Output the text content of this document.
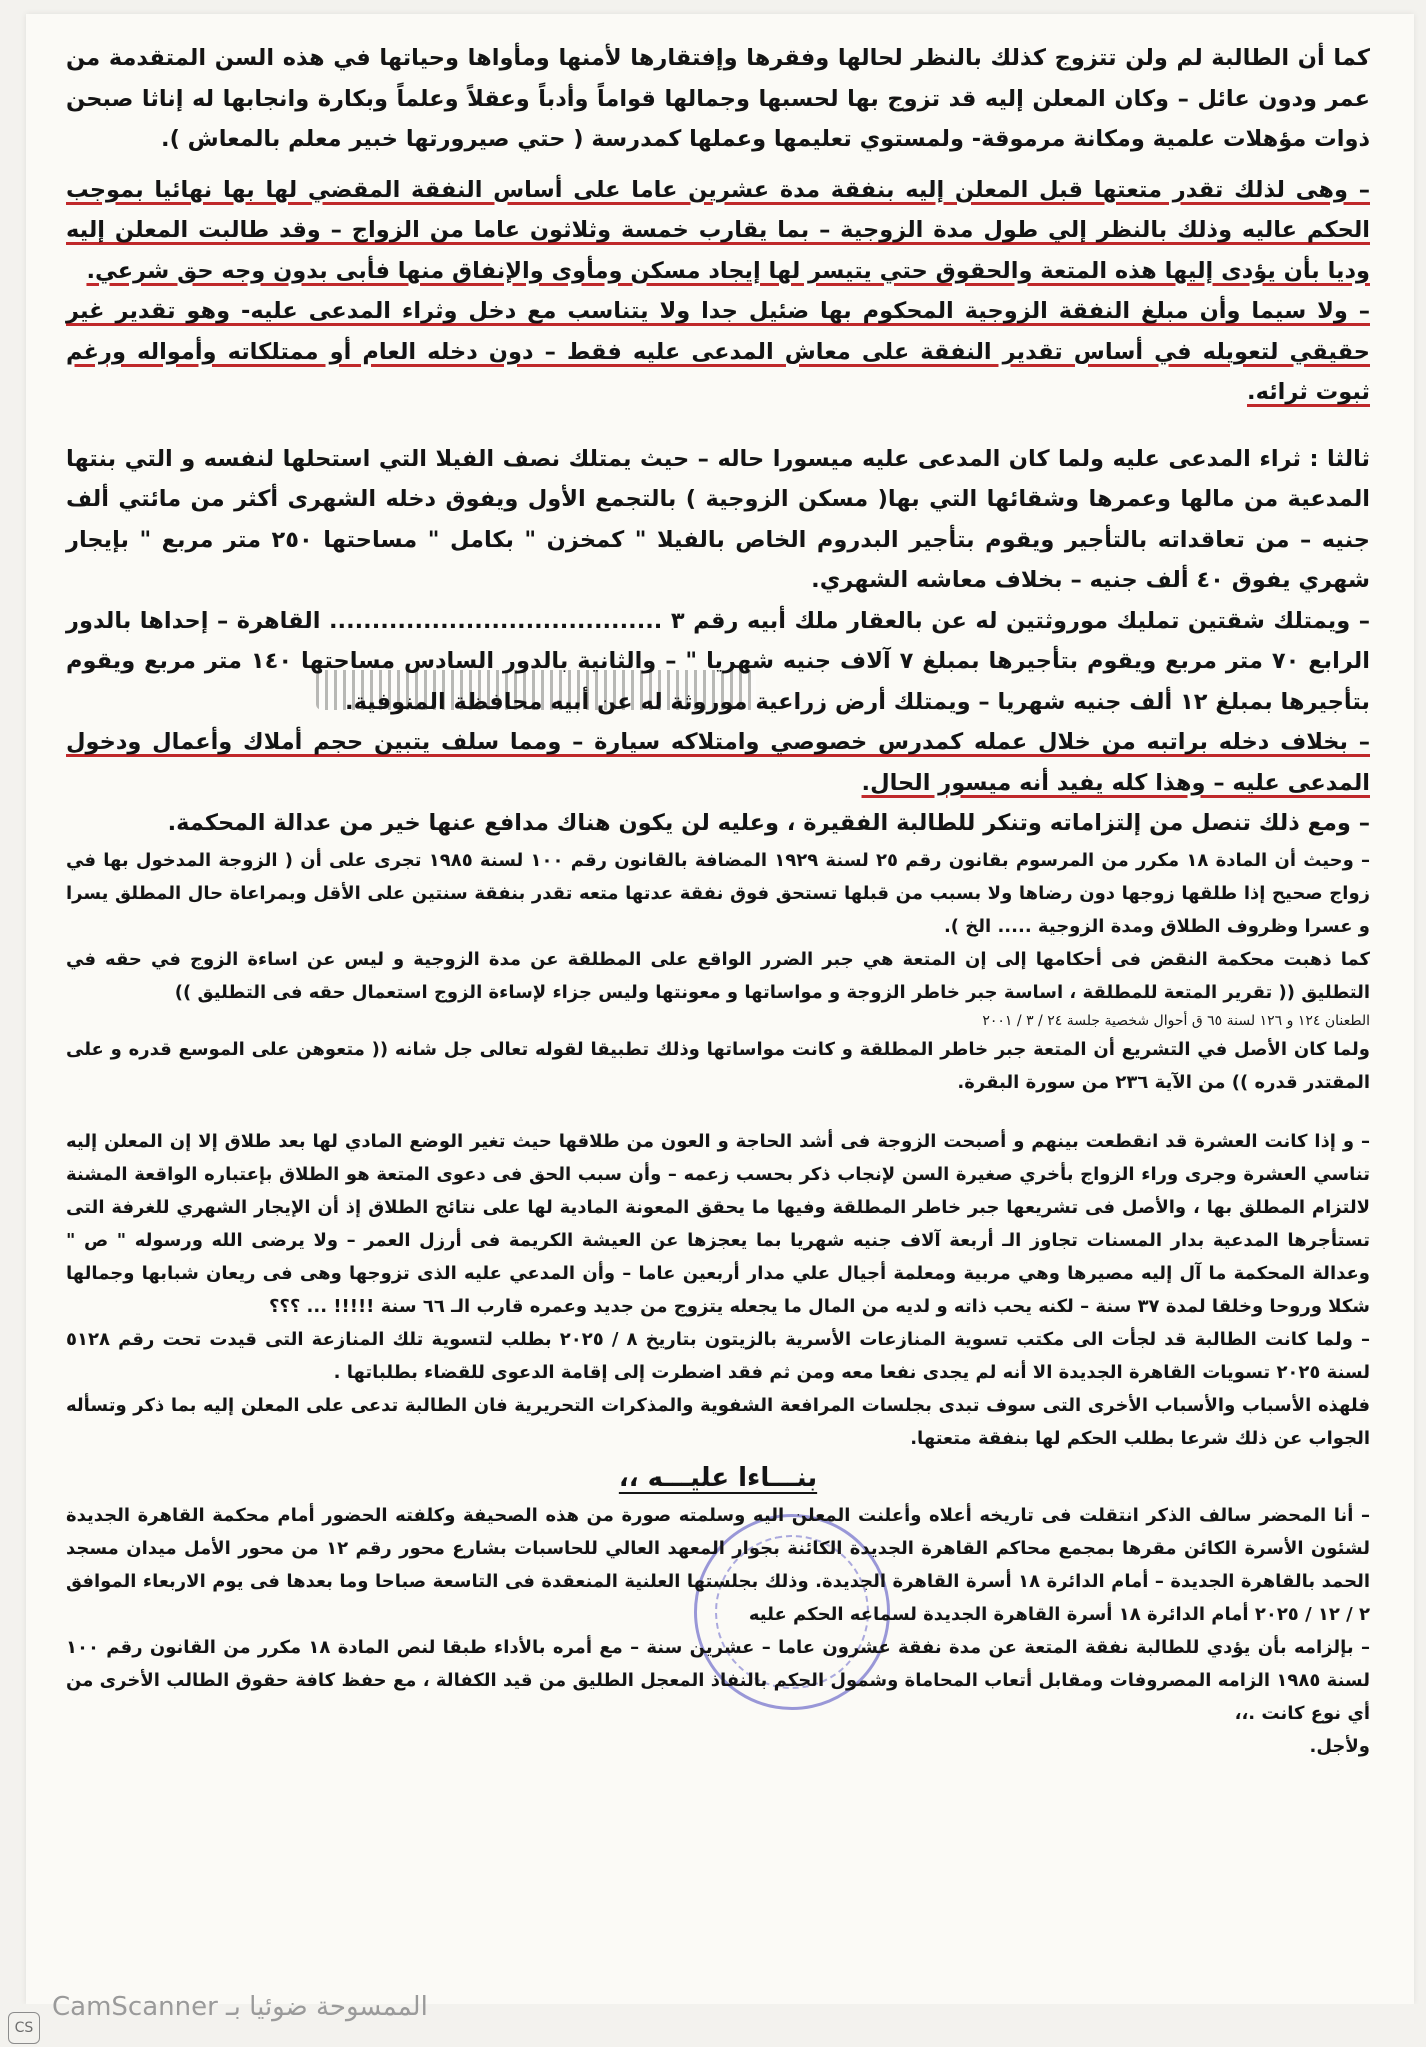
كما أن الطالبة لم ولن تتزوج كذلك بالنظر لحالها وفقرها وإفتقارها لأمنها ومأواها وحياتها في هذه السن المتقدمة من عمر ودون عائل – وكان المعلن إليه قد تزوج بها لحسبها وجمالها قواماً وأدباً وعقلاً وعلماً وبكارة وانجابها له إناثا صبحن ذوات مؤهلات علمية ومكانة مرموقة- ولمستوي تعليمها وعملها كمدرسة ( حتي صيرورتها خبير معلم بالمعاش ).

– وهى لذلك تقدر متعتها قبل المعلن إليه بنفقة مدة عشرين عاما على أساس النفقة المقضي لها بها نهائيا بموجب الحكم عاليه وذلك بالنظر إلي طول مدة الزوجية – بما يقارب خمسة وثلاثون عاما من الزواج – وقد طالبت المعلن إليه وديا بأن يؤدى إليها هذه المتعة والحقوق حتي يتيسر لها إيجاد مسكن ومأوى والإنفاق منها فأبى بدون وجه حق شرعي.

– ولا سيما وأن مبلغ النفقة الزوجية المحكوم بها ضئيل جدا ولا يتناسب مع دخل وثراء المدعى عليه- وهو تقدير غير حقيقي لتعويله في أساس تقدير النفقة على معاش المدعى عليه فقط – دون دخله العام أو ممتلكاته وأمواله ورغم ثبوت ثرائه.

ثالثا : ثراء المدعى عليه ولما كان المدعى عليه ميسورا حاله – حيث يمتلك نصف الفيلا التي استحلها لنفسه و التي بنتها المدعية من مالها وعمرها وشقائها التي بها( مسكن الزوجية ) بالتجمع الأول ويفوق دخله الشهرى أكثر من مائتي ألف جنيه – من تعاقداته بالتأجير ويقوم بتأجير البدروم الخاص بالفيلا " كمخزن " بكامل " مساحتها ٢٥٠ متر مربع " بإيجار شهري يفوق ٤٠ ألف جنيه – بخلاف معاشه الشهري.

– ويمتلك شقتين تمليك موروثتين له عن بالعقار ملك أبيه رقم ٣ ....................................... القاهرة – إحداها بالدور الرابع ٧٠ متر مربع ويقوم بتأجيرها بمبلغ ٧ آلاف جنيه شهريا " – والثانية بالدور السادس مساحتها ١٤٠ متر مربع ويقوم بتأجيرها بمبلغ ١٢ ألف جنيه شهريا – ويمتلك أرض زراعية موروثة له عن أبيه محافظة المنوفية.

– بخلاف دخله براتبه من خلال عمله كمدرس خصوصي وامتلاكه سيارة – ومما سلف يتبين حجم أملاك وأعمال ودخول المدعى عليه – وهذا كله يفيد أنه ميسور الحال.

– ومع ذلك تنصل من إلتزاماته وتنكر للطالبة الفقيرة ، وعليه لن يكون هناك مدافع عنها خير من عدالة المحكمة.

– وحيث أن المادة ١٨ مكرر من المرسوم بقانون رقم ٢٥ لسنة ١٩٢٩ المضافة بالقانون رقم ١٠٠ لسنة ١٩٨٥ تجرى على أن ( الزوجة المدخول بها في زواج صحيح إذا طلقها زوجها دون رضاها ولا بسبب من قبلها تستحق فوق نفقة عدتها متعه تقدر بنفقة سنتين على الأقل وبمراعاة حال المطلق يسرا و عسرا وظروف الطلاق ومدة الزوجية ..... الخ ).

كما ذهبت محكمة النقض فى أحكامها إلى إن المتعة هي جبر الضرر الواقع على المطلقة عن مدة الزوجية و ليس عن اساءة الزوج في حقه في التطليق (( تقرير المتعة للمطلقة ، اساسة جبر خاطر الزوجة و مواساتها و معونتها وليس جزاء لإساءة الزوج استعمال حقه فى التطليق ))

الطعنان ١٢٤ و ١٢٦ لسنة ٦٥ ق أحوال شخصية جلسة ٢٤ / ٣ / ٢٠٠١

ولما كان الأصل في التشريع أن المتعة جبر خاطر المطلقة و كانت مواساتها وذلك تطبيقا لقوله تعالى جل شانه (( متعوهن على الموسع قدره و على المقتدر قدره )) من الآية ٢٣٦ من سورة البقرة.

– و إذا كانت العشرة قد انقطعت بينهم و أصبحت الزوجة فى أشد الحاجة و العون من طلاقها حيث تغير الوضع المادي لها بعد طلاق إلا إن المعلن إليه تناسي العشرة وجرى وراء الزواج بأخري صغيرة السن لإنجاب ذكر بحسب زعمه – وأن سبب الحق فى دعوى المتعة هو الطلاق بإعتباره الواقعة المشنة لالتزام المطلق بها ، والأصل فى تشريعها جبر خاطر المطلقة وفيها ما يحقق المعونة المادية لها على نتائج الطلاق إذ أن الإيجار الشهري للغرفة التى تستأجرها المدعية بدار المسنات تجاوز الـ أربعة آلاف جنيه شهريا بما يعجزها عن العيشة الكريمة فى أرزل العمر – ولا يرضى الله ورسوله " ص " وعدالة المحكمة ما آل إليه مصيرها وهي مربية ومعلمة أجيال علي مدار أربعين عاما – وأن المدعي عليه الذى تزوجها وهى فى ريعان شبابها وجمالها شكلا وروحا وخلقا لمدة ٣٧ سنة – لكنه يحب ذاته و لديه من المال ما يجعله يتزوج من جديد وعمره قارب الـ ٦٦ سنة !!!!! ... ؟؟؟

– ولما كانت الطالبة قد لجأت الى مكتب تسوية المنازعات الأسرية بالزيتون بتاريخ ٨ / ٢٠٢٥ بطلب لتسوية تلك المنازعة التى قيدت تحت رقم ٥١٢٨ لسنة ٢٠٢٥ تسويات القاهرة الجديدة الا أنه لم يجدى نفعا معه ومن ثم فقد اضطرت إلى إقامة الدعوى للقضاء بطلباتها .

فلهذه الأسباب والأسباب الأخرى التى سوف تبدى بجلسات المرافعة الشفوية والمذكرات التحريرية فان الطالبة تدعى على المعلن إليه بما ذكر وتسأله الجواب عن ذلك شرعا بطلب الحكم لها بنفقة متعتها.

بنـــاءا عليـــه ،،

– أنا المحضر سالف الذكر انتقلت فى تاريخه أعلاه وأعلنت المعلن اليه وسلمته صورة من هذه الصحيفة وكلفته الحضور أمام محكمة القاهرة الجديدة لشئون الأسرة الكائن مقرها بمجمع محاكم القاهرة الجديدة الكائنة بجوار المعهد العالي للحاسبات بشارع محور رقم ١٢ من محور الأمل ميدان مسجد الحمد بالقاهرة الجديدة – أمام الدائرة ١٨ أسرة القاهرة الجديدة. وذلك بجلستها العلنية المنعقدة فى التاسعة صباحا وما بعدها فى يوم الاربعاء الموافق ٢ / ١٢ / ٢٠٢٥ أمام الدائرة ١٨ أسرة القاهرة الجديدة لسماعه الحكم عليه

– بإلزامه بأن يؤدي للطالبة نفقة المتعة عن مدة نفقة عشرون عاما – عشرين سنة – مع أمره بالأداء طبقا لنص المادة ١٨ مكرر من القانون رقم ١٠٠ لسنة ١٩٨٥ الزامه المصروفات ومقابل أتعاب المحاماة وشمول الحكم بالنفاذ المعجل الطليق من قيد الكفالة ، مع حفظ كافة حقوق الطالب الأخرى من أي نوع كانت .،،

ولأجل.

CS
الممسوحة ضوئيا بـ CamScanner
